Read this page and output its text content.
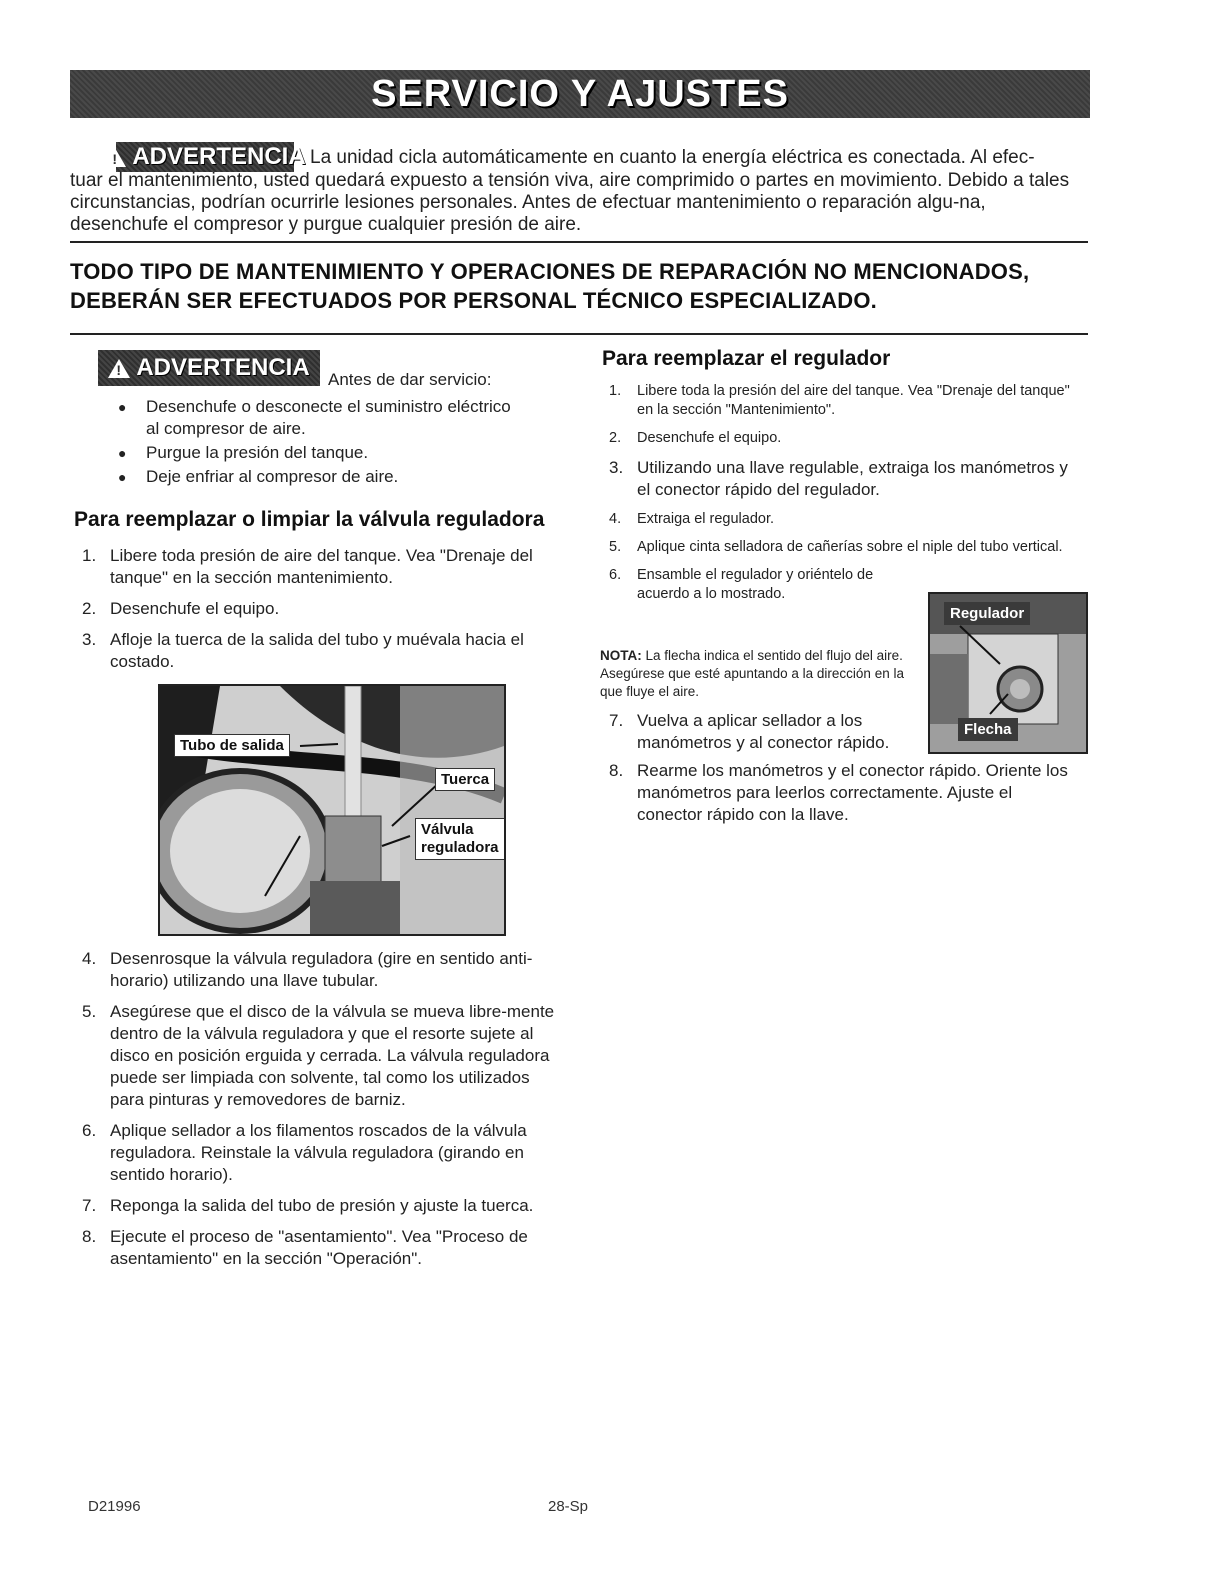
SERVICIO Y AJUSTES
!
ADVERTENCIA La unidad cicla automáticamente en cuanto la energía eléctrica es conectada. Al efec-
tuar el mantenimiento, usted quedará expuesto a tensión viva, aire comprimido o partes en movimiento. Debido a tales circunstancias, podrían ocurrirle lesiones personales. Antes de efectuar mantenimiento o reparación algu-na, desenchufe el compresor y purgue cualquier presión de aire.
TODO TIPO DE MANTENIMIENTO Y OPERACIONES DE REPARACIÓN NO MENCIONADOS,
DEBERÁN SER EFECTUADOS POR PERSONAL TÉCNICO ESPECIALIZADO.
!
ADVERTENCIA Antes de dar servicio:
● Desenchufe o desconecte el suministro eléctrico al compresor de aire.
● Purgue la presión del tanque.
● Deje enfriar al compresor de aire.
Para reemplazar o limpiar la válvula reguladora
1. Libere toda presión de aire del tanque. Vea "Drenaje del tanque" en la sección mantenimiento.
2. Desenchufe el equipo.
3. Afloje la tuerca de la salida del tubo y muévala hacia el costado.
Tubo de salida
Tuerca
Válvula
reguladora
4. Desenrosque la válvula reguladora (gire en sentido anti-horario) utilizando una llave tubular.
5. Asegúrese que el disco de la válvula se mueva libre-mente dentro de la válvula reguladora y que el resorte sujete al disco en posición erguida y cerrada. La válvula reguladora puede ser limpiada con solvente, tal como los utilizados para pinturas y removedores de barniz.
6. Aplique sellador a los filamentos roscados de la válvula reguladora. Reinstale la válvula reguladora (girando en sentido horario).
7. Reponga la salida del tubo de presión y ajuste la tuerca.
8. Ejecute el proceso de "asentamiento". Vea "Proceso de asentamiento" en la sección "Operación".
Para reemplazar el regulador
1. Libere toda la presión del aire del tanque. Vea "Drenaje del tanque" en la sección "Mantenimiento".
2. Desenchufe el equipo.
3. Utilizando una llave regulable, extraiga los manómetros y el conector rápido del regulador.
4. Extraiga el regulador.
5. Aplique cinta selladora de cañerías sobre el niple del tubo vertical.
6. Ensamble el regulador y oriéntelo de acuerdo a lo mostrado.
NOTA: La flecha indica el sentido del flujo del aire. Asegúrese que esté apuntando a la dirección en la que fluye el aire.
7. Vuelva a aplicar sellador a los manómetros y al conector rápido.
8. Rearme los manómetros y el conector rápido. Oriente los manómetros para leerlos correctamente. Ajuste el conector rápido con la llave.
Regulador
Flecha
D21996	28-Sp
